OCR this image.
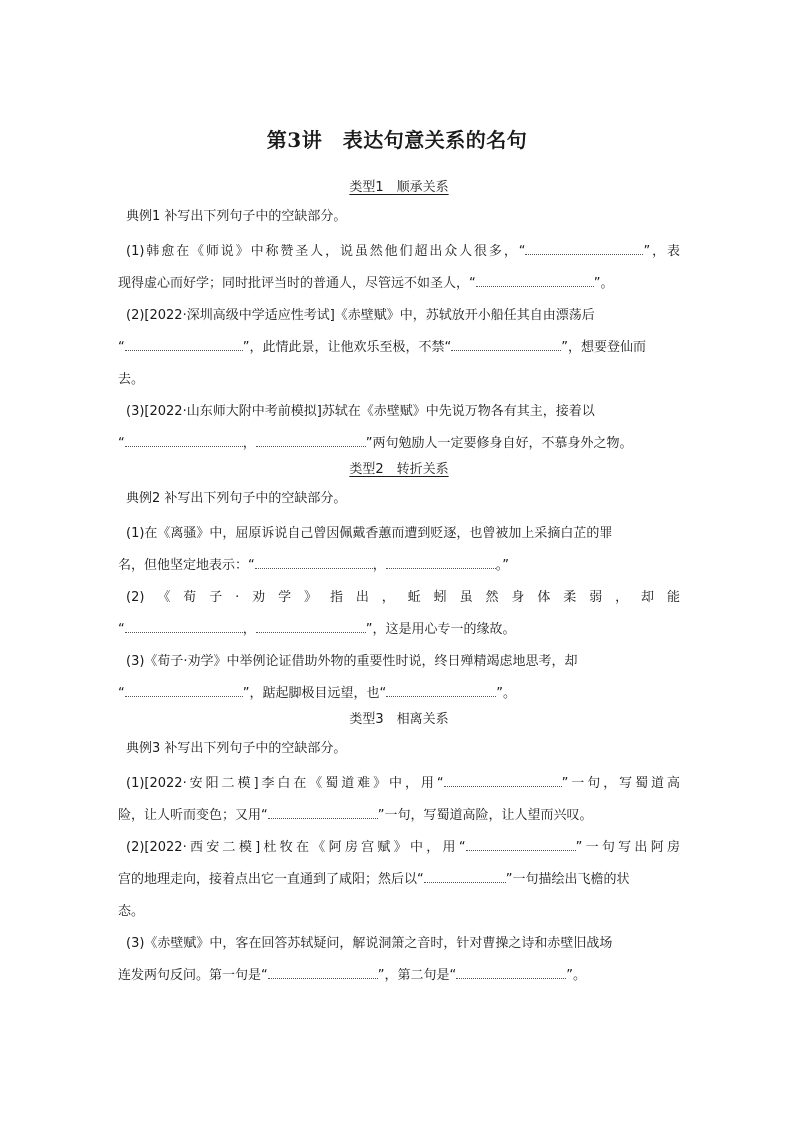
第3讲　表达句意关系的名句

类型1　顺承关系

典例1 补写出下列句子中的空缺部分。

(1)韩愈在《师说》中称赞圣人，说虽然他们超出众人很多，“	”，表

现得虚心而好学；同时批评当时的普通人，尽管远不如圣人，“	”。

(2)[2022·深圳高级中学适应性考试]《赤壁赋》中，苏轼放开小船任其自由漂荡后

“	”，此情此景，让他欢乐至极，不禁“	”，想要登仙而

去。

(3)[2022·山东师大附中考前模拟]苏轼在《赤壁赋》中先说万物各有其主，接着以

“	，	”两句勉励人一定要修身自好，不慕身外之物。

类型2　转折关系

典例2 补写出下列句子中的空缺部分。

(1)在《离骚》中，屈原诉说自己曾因佩戴香蕙而遭到贬逐，也曾被加上采摘白芷的罪

名，但他坚定地表示：“	，	。”

(2)《荀子·劝学》指出，蚯蚓虽然身体柔弱，却能

“	，	”，这是用心专一的缘故。

(3)《荀子·劝学》中举例论证借助外物的重要性时说，终日殚精竭虑地思考，却

“	”，踮起脚极目远望，也“	”。

类型3　相离关系

典例3 补写出下列句子中的空缺部分。

(1)[2022·安阳二模]李白在《蜀道难》中，用“	”一句，写蜀道高

险，让人听而变色；又用“	”一句，写蜀道高险，让人望而兴叹。

(2)[2022·西安二模]杜牧在《阿房宫赋》中，用“	”一句写出阿房

宫的地理走向，接着点出它一直通到了咸阳；然后以“	”一句描绘出飞檐的状

态。

(3)《赤壁赋》中，客在回答苏轼疑问，解说洞箫之音时，针对曹操之诗和赤壁旧战场

连发两句反问。第一句是“	”，第二句是“	”。
